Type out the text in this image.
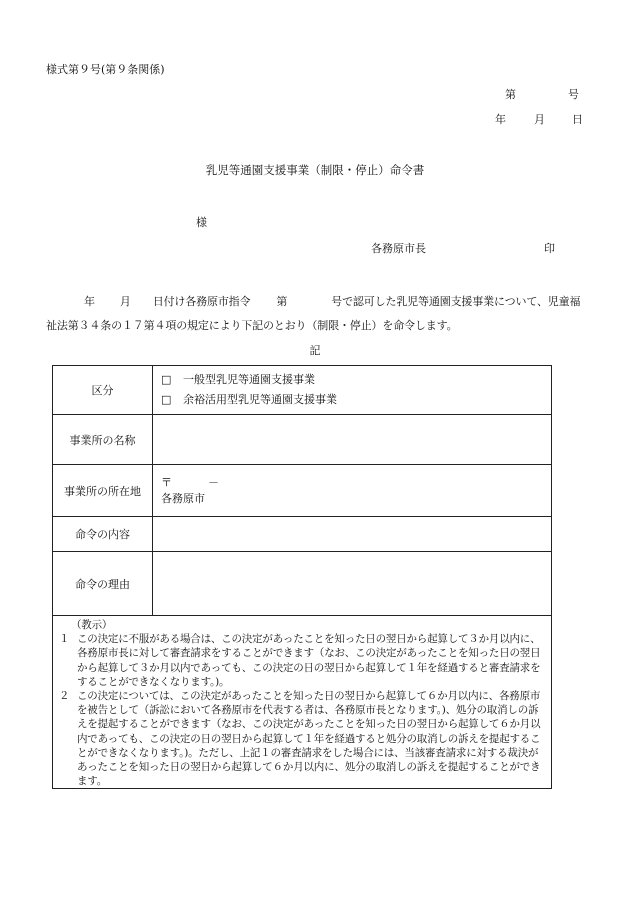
様式第９号(第９条関係)
第	号
年	月 日
乳児等通園支援事業（制限・停止）命令書
様
各務原市長	印
年 月 日付け各務原市指令 第	号で認可した乳児等通園支援事業について、児童福祉法第３４条の１７第４項の規定により下記のとおり（制限・停止）を命令します。
記
区分	□ 一般型乳児等通園支援事業
□ 余裕活用型乳児等通園支援事業

事業所の名称	
事業所の所在地	〒 －
各務原市

命令の内容	
命令の理由	
（教示）
１ この決定に不服がある場合は、この決定があったことを知った日の翌日から起算して３か月以内に、各務原市長に対して審査請求をすることができます（なお、この決定があったことを知った日の翌日から起算して３か月以内であっても、この決定の日の翌日から起算して１年を経過すると審査請求をすることができなくなります。)。
２ この決定については、この決定があったことを知った日の翌日から起算して６か月以内に、各務原市を被告として（訴訟において各務原市を代表する者は、各務原市長となります。)、処分の取消しの訴えを提起することができます（なお、この決定があったことを知った日の翌日から起算して６か月以内であっても、この決定の日の翌日から起算して１年を経過すると処分の取消しの訴えを提起することができなくなります。)。ただし、上記１の審査請求をした場合には、当該審査請求に対する裁決があったことを知った日の翌日から起算して６か月以内に、処分の取消しの訴えを提起することができます。
